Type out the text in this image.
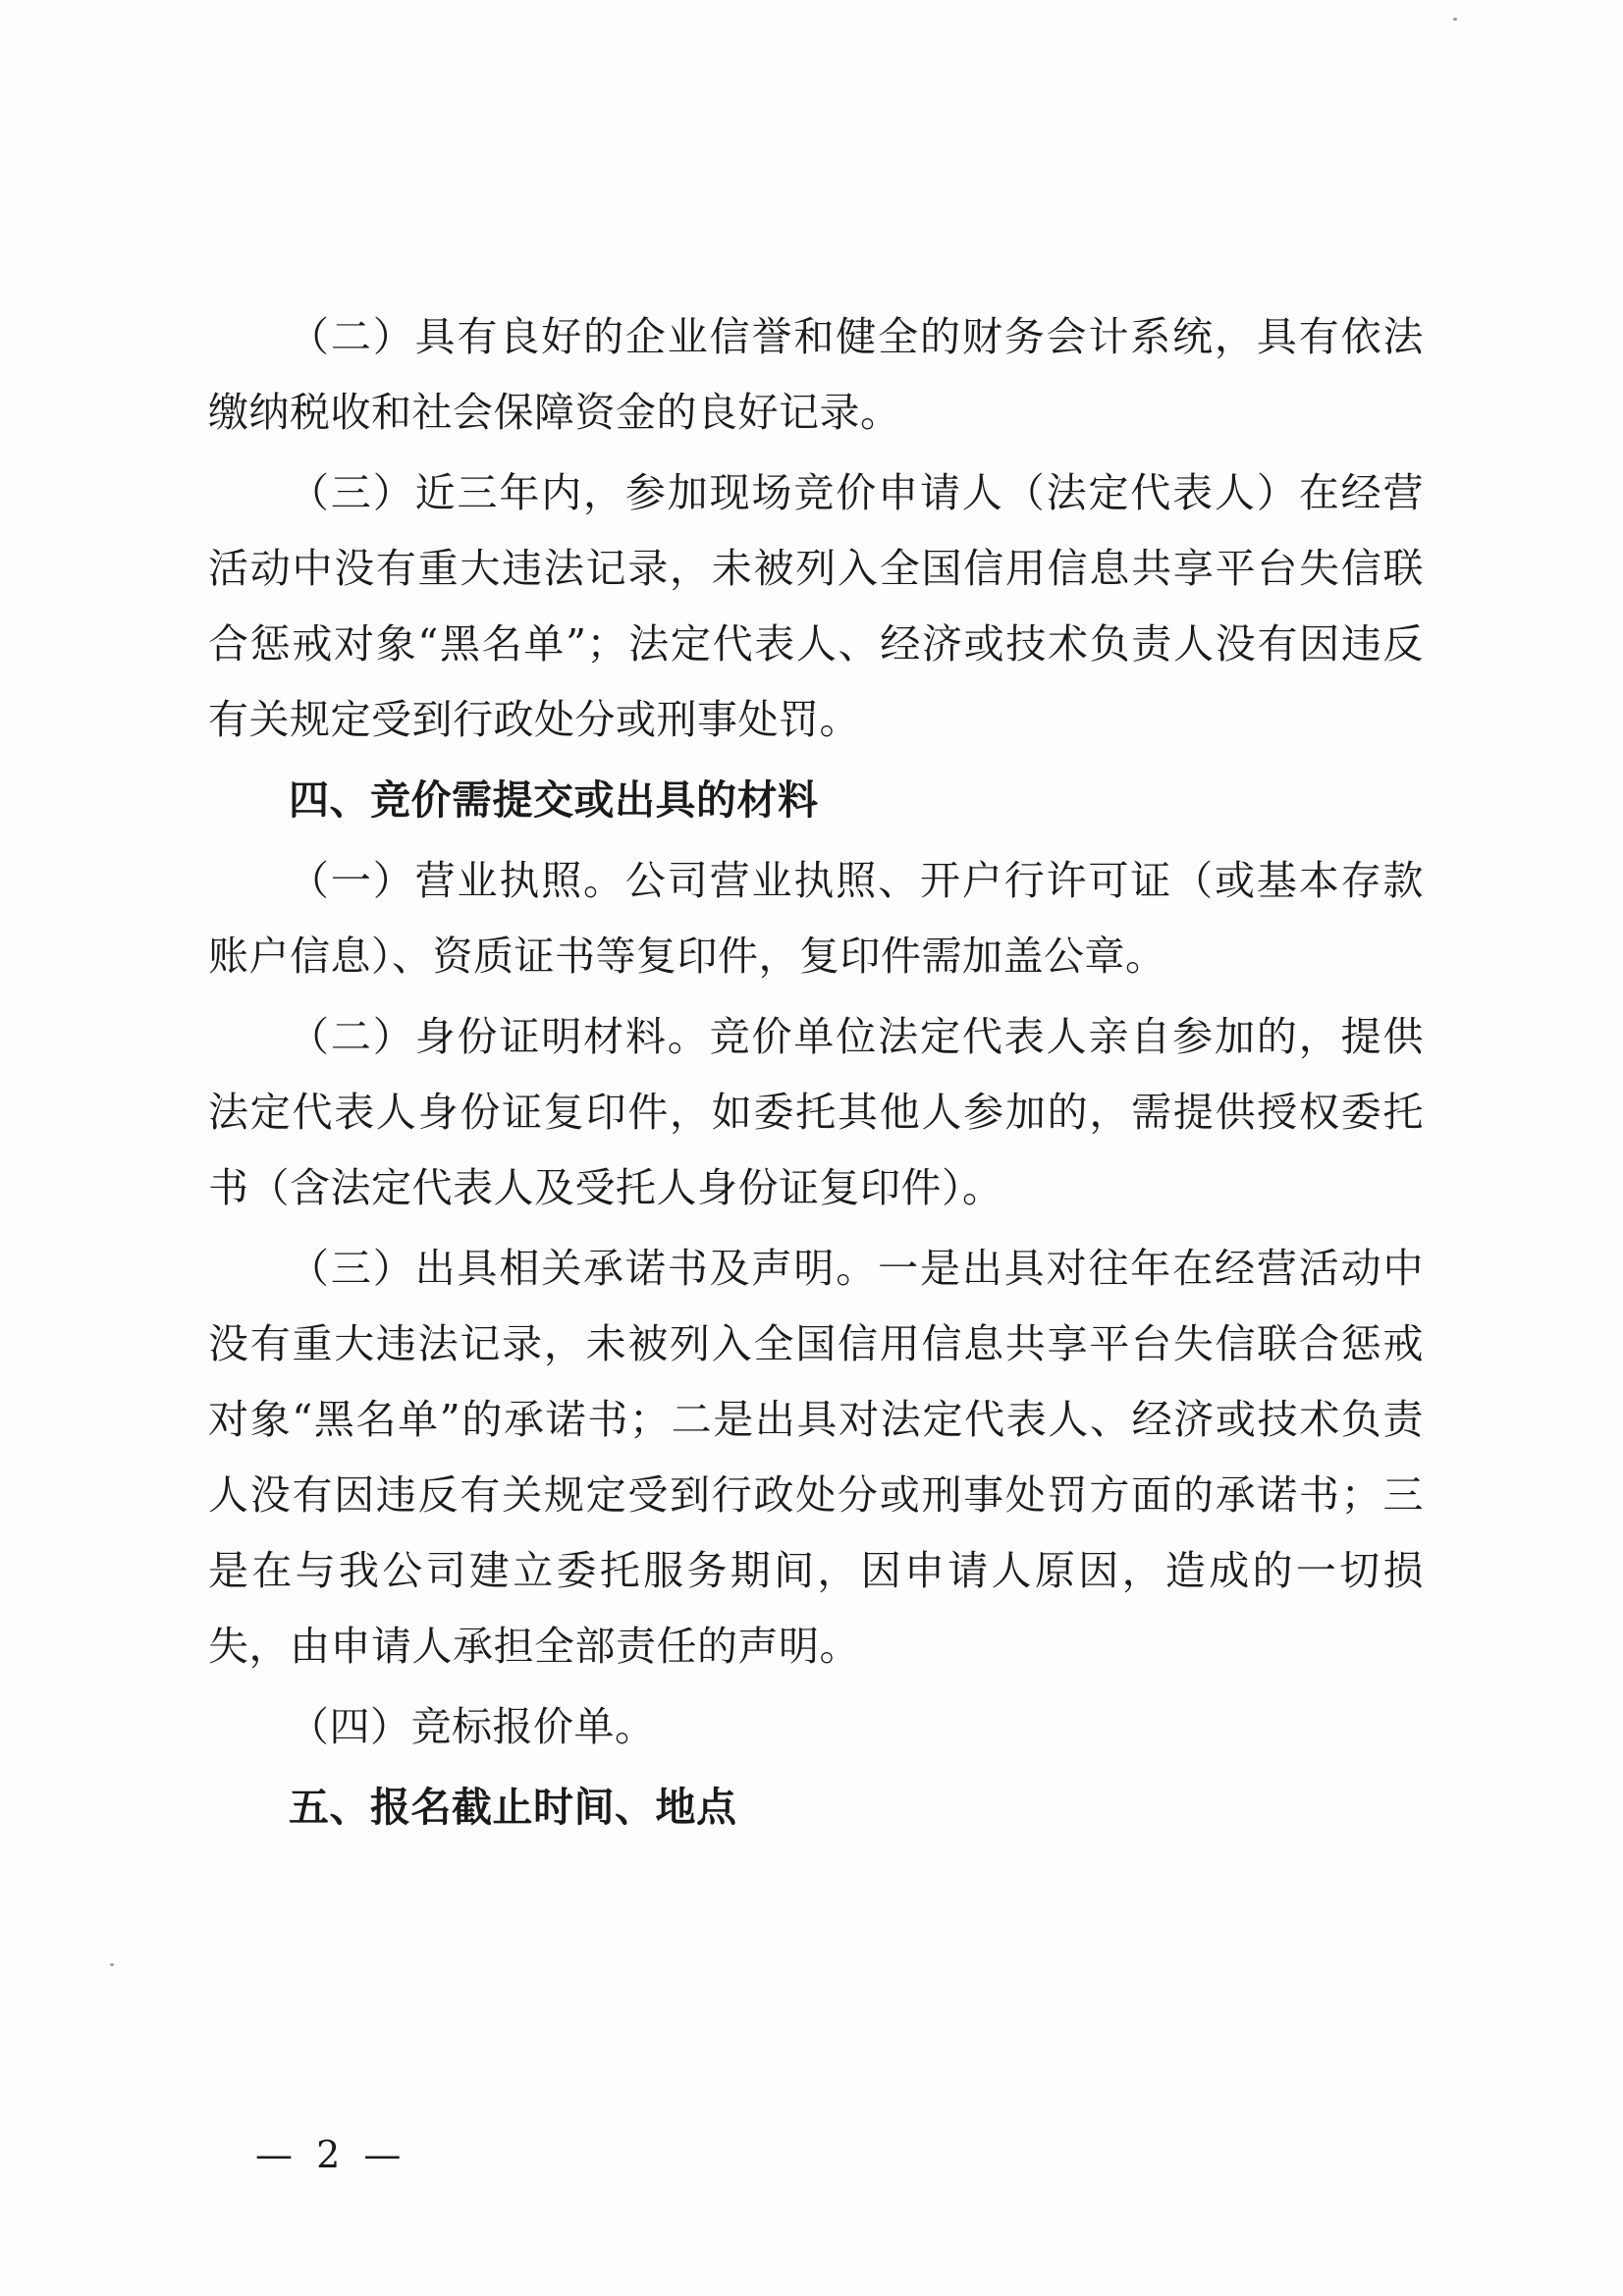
（二）具有良好的企业信誉和健全的财务会计系统，具有依法缴纳税收和社会保障资金的良好记录。

（三）近三年内，参加现场竞价申请人（法定代表人）在经营活动中没有重大违法记录，未被列入全国信用信息共享平台失信联合惩戒对象“黑名单”；法定代表人、经济或技术负责人没有因违反有关规定受到行政处分或刑事处罚。

四、竞价需提交或出具的材料

（一）营业执照。公司营业执照、开户行许可证（或基本存款账户信息）、资质证书等复印件，复印件需加盖公章。

（二）身份证明材料。竞价单位法定代表人亲自参加的，提供法定代表人身份证复印件，如委托其他人参加的，需提供授权委托书（含法定代表人及受托人身份证复印件）。

（三）出具相关承诺书及声明。一是出具对往年在经营活动中没有重大违法记录，未被列入全国信用信息共享平台失信联合惩戒对象“黑名单”的承诺书；二是出具对法定代表人、经济或技术负责人没有因违反有关规定受到行政处分或刑事处罚方面的承诺书；三是在与我公司建立委托服务期间，因申请人原因，造成的一切损失，由申请人承担全部责任的声明。

（四）竞标报价单。

五、报名截止时间、地点
— 2 —
